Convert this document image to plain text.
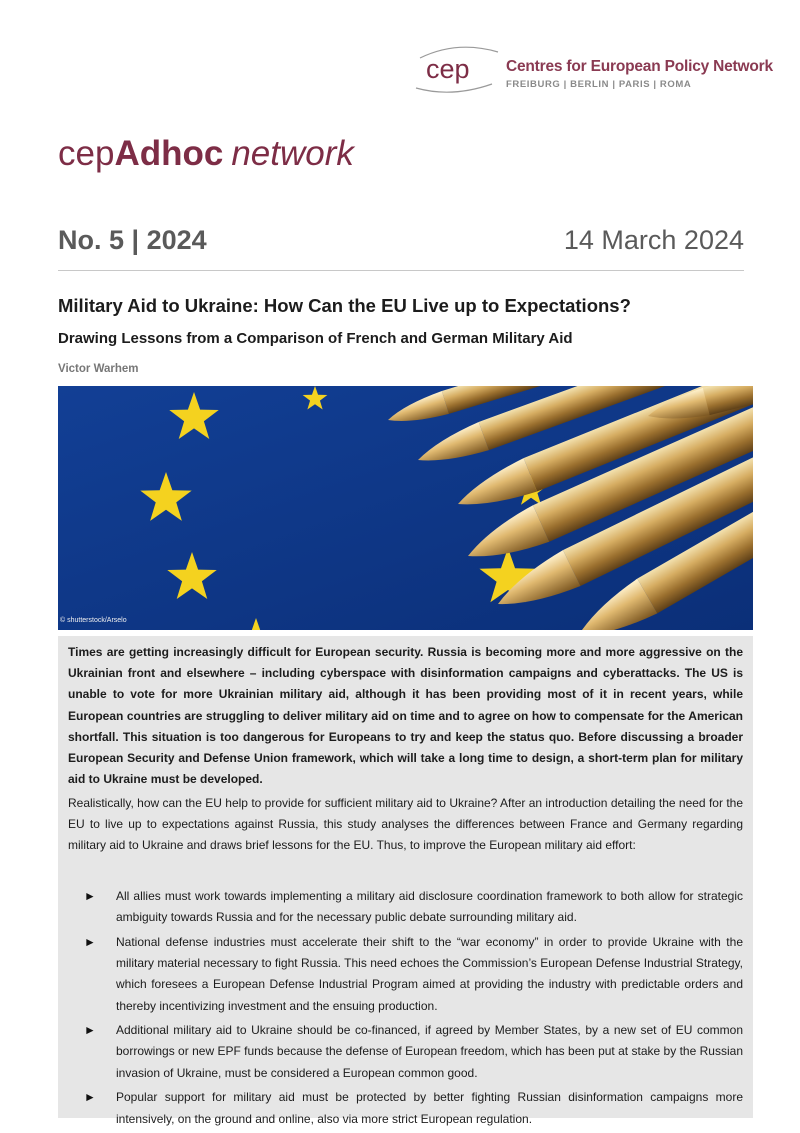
cep Centres for European Policy Network
FREIBURG | BERLIN | PARIS | ROMA
cepAdhoc network
No. 5 | 2024	14 March 2024
Military Aid to Ukraine: How Can the EU Live up to Expectations?
Drawing Lessons from a Comparison of French and German Military Aid
Victor Warhem
© shutterstock/Arselo
Times are getting increasingly difficult for European security. Russia is becoming more and more aggressive on the Ukrainian front and elsewhere – including cyberspace with disinformation campaigns and cyberattacks. The US is unable to vote for more Ukrainian military aid, although it has been providing most of it in recent years, while European countries are struggling to deliver military aid on time and to agree on how to compensate for the American shortfall. This situation is too dangerous for Europeans to try and keep the status quo. Before discussing a broader European Security and Defense Union framework, which will take a long time to design, a short-term plan for military aid to Ukraine must be developed.
Realistically, how can the EU help to provide for sufficient military aid to Ukraine? After an introduction detailing the need for the EU to live up to expectations against Russia, this study analyses the differences between France and Germany regarding military aid to Ukraine and draws brief lessons for the EU. Thus, to improve the European military aid effort:
► All allies must work towards implementing a military aid disclosure coordination framework to both allow for strategic ambiguity towards Russia and for the necessary public debate surrounding military aid.
► National defense industries must accelerate their shift to the “war economy” in order to provide Ukraine with the military material necessary to fight Russia. This need echoes the Commission’s European Defense Industrial Strategy, which foresees a European Defense Industrial Program aimed at providing the industry with predictable orders and thereby incentivizing investment and the ensuing production.
► Additional military aid to Ukraine should be co-financed, if agreed by Member States, by a new set of EU common borrowings or new EPF funds because the defense of European freedom, which has been put at stake by the Russian invasion of Ukraine, must be considered a European common good.
► Popular support for military aid must be protected by better fighting Russian disinformation campaigns more intensively, on the ground and online, also via more strict European regulation.
